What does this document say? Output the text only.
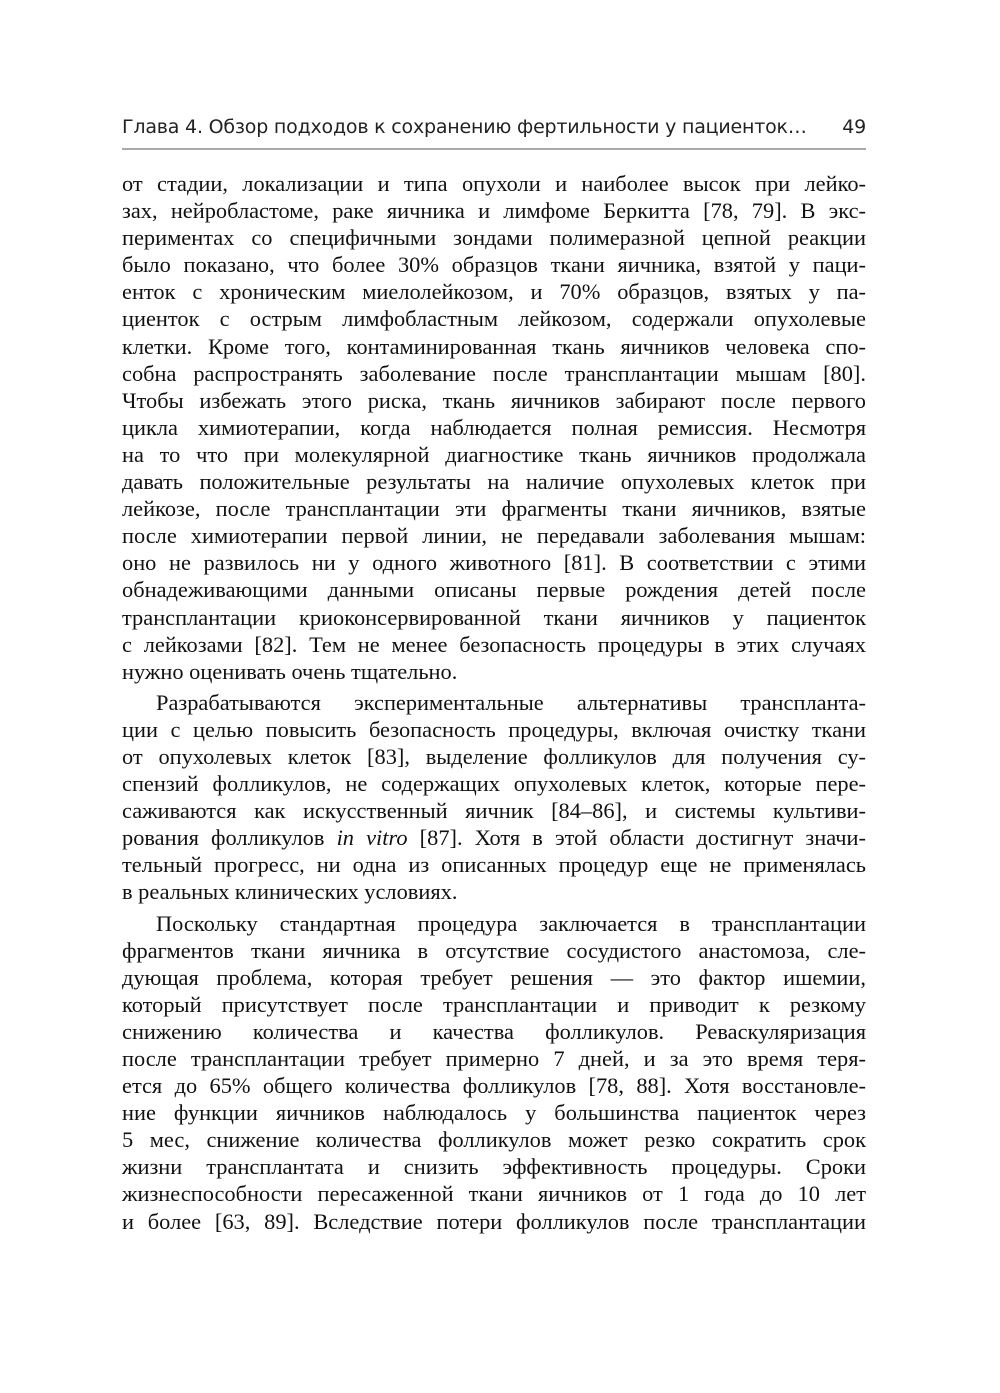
Глава 4. Обзор подходов к сохранению фертильности у пациенток… 49
от стадии, локализации и типа опухоли и наиболее высок при лейко-
зах, нейробластоме, раке яичника и лимфоме Беркитта [78, 79]. В экс-
периментах со специфичными зондами полимеразной цепной реакции
было показано, что более 30% образцов ткани яичника, взятой у паци-
енток с хроническим миелолейкозом, и 70% образцов, взятых у па-
циенток с острым лимфобластным лейкозом, содержали опухолевые
клетки. Кроме того, контаминированная ткань яичников человека спо-
собна распространять заболевание после трансплантации мышам [80].
Чтобы избежать этого риска, ткань яичников забирают после первого
цикла химиотерапии, когда наблюдается полная ремиссия. Несмотря
на то что при молекулярной диагностике ткань яичников продолжала
давать положительные результаты на наличие опухолевых клеток при
лейкозе, после трансплантации эти фрагменты ткани яичников, взятые
после химиотерапии первой линии, не передавали заболевания мышам:
оно не развилось ни у одного животного [81]. В соответствии с этими
обнадеживающими данными описаны первые рождения детей после
трансплантации криоконсервированной ткани яичников у пациенток
с лейкозами [82]. Тем не менее безопасность процедуры в этих случаях
нужно оценивать очень тщательно.
Разрабатываются экспериментальные альтернативы транспланта-
ции с целью повысить безопасность процедуры, включая очистку ткани
от опухолевых клеток [83], выделение фолликулов для получения су-
спензий фолликулов, не содержащих опухолевых клеток, которые пере-
саживаются как искусственный яичник [84–86], и системы культиви-
рования фолликулов in vitro [87]. Хотя в этой области достигнут значи-
тельный прогресс, ни одна из описанных процедур еще не применялась
в реальных клинических условиях.
Поскольку стандартная процедура заключается в трансплантации
фрагментов ткани яичника в отсутствие сосудистого анастомоза, сле-
дующая проблема, которая требует решения — это фактор ишемии,
который присутствует после трансплантации и приводит к резкому
снижению количества и качества фолликулов. Реваскуляризация
после трансплантации требует примерно 7 дней, и за это время теря-
ется до 65% общего количества фолликулов [78, 88]. Хотя восстановле-
ние функции яичников наблюдалось у большинства пациенток через
5 мес, снижение количества фолликулов может резко сократить срок
жизни трансплантата и снизить эффективность процедуры. Сроки
жизнеспособности пересаженной ткани яичников от 1 года до 10 лет
и более [63, 89]. Вследствие потери фолликулов после трансплантации
